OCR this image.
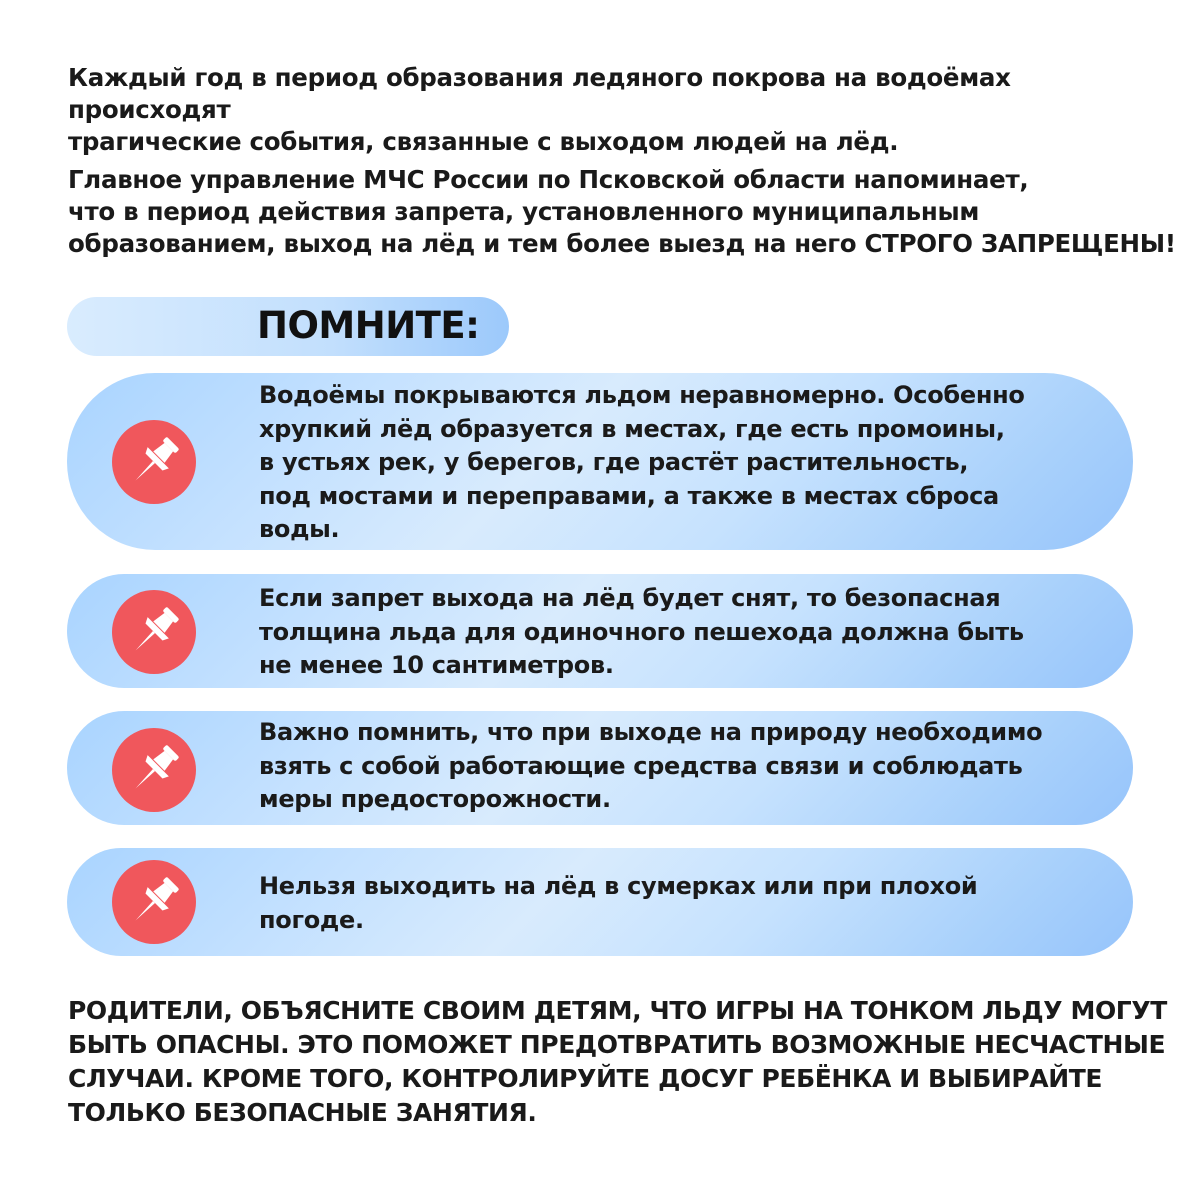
Каждый год в период образования ледяного покрова на водоёмах происходят
трагические события, связанные с выходом людей на лёд.
Главное управление МЧС России по Псковской области напоминает,
что в период действия запрета, установленного муниципальным
образованием, выход на лёд и тем более выезд на него СТРОГО ЗАПРЕЩЕНЫ!
ПОМНИТЕ:
Водоёмы покрываются льдом неравномерно. Особенно
хрупкий лёд образуется в местах, где есть промоины,
в устьях рек, у берегов, где растёт растительность,
под мостами и переправами, а также в местах сброса
воды.
Если запрет выхода на лёд будет снят, то безопасная
толщина льда для одиночного пешехода должна быть
не менее 10 сантиметров.
Важно помнить, что при выходе на природу необходимо
взять с собой работающие средства связи и соблюдать
меры предосторожности.
Нельзя выходить на лёд в сумерках или при плохой
погоде.
РОДИТЕЛИ, ОБЪЯСНИТЕ СВОИМ ДЕТЯМ, ЧТО ИГРЫ НА ТОНКОМ ЛЬДУ МОГУТ
БЫТЬ ОПАСНЫ. ЭТО ПОМОЖЕТ ПРЕДОТВРАТИТЬ ВОЗМОЖНЫЕ НЕСЧАСТНЫЕ
СЛУЧАИ. КРОМЕ ТОГО, КОНТРОЛИРУЙТЕ ДОСУГ РЕБЁНКА И ВЫБИРАЙТЕ
ТОЛЬКО БЕЗОПАСНЫЕ ЗАНЯТИЯ.
